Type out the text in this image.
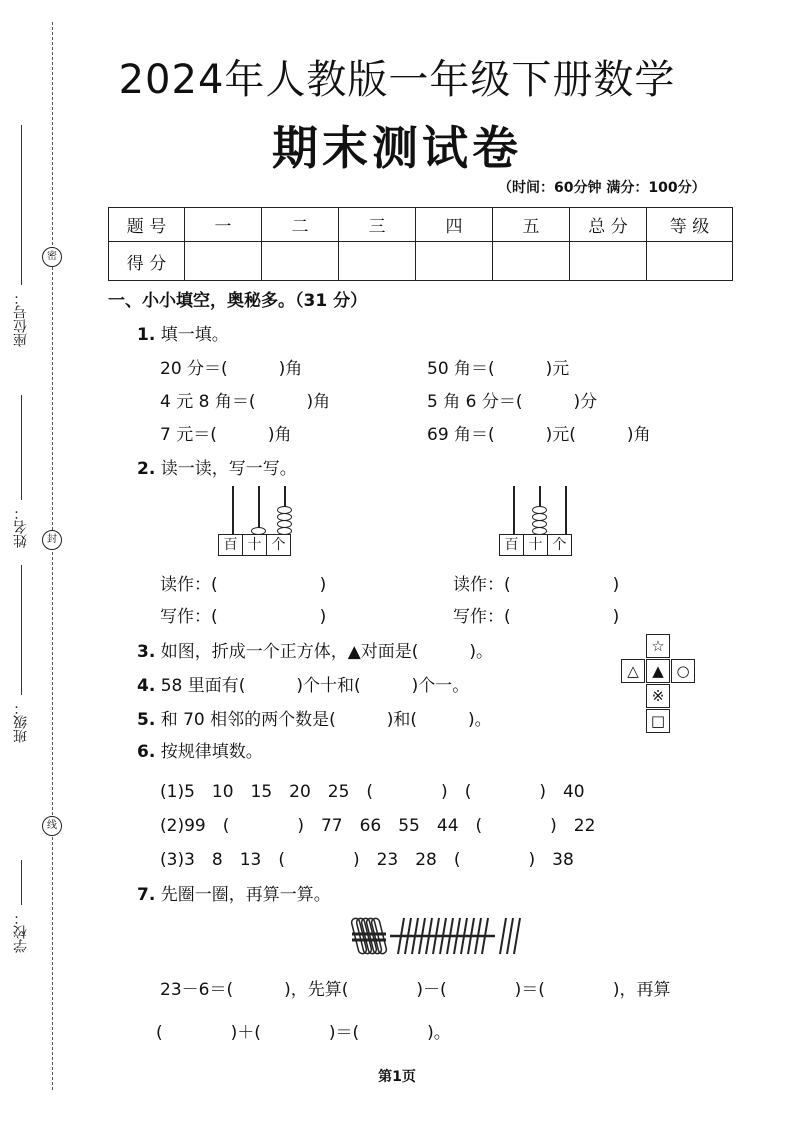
密
封
线
座位号：
姓名：
班级：
学校：
2024年人教版一年级下册数学
期末测试卷
（时间：60分钟 满分：100分）
题 号	一	二	三	四	五	总 分	等 级
得 分							
一、小小填空，奥秘多。（31 分）
1. 填一填。
20 分＝(　　　)角	50 角＝(　　　)元
4 元 8 角＝(　　　)角	5 角 6 分＝(　　　)分
7 元＝(　　　)角	69 角＝(　　　)元(　　　)角
2. 读一读，写一写。
百 十 个	百 十 个
读作：(　　　　　　)	读作：(　　　　　　)
写作：(　　　　　　)	写作：(　　　　　　)
3. 如图，折成一个正方体，▲对面是(　　　)。	☆
△ ▲ ○
※
□
4. 58 里面有(　　　)个十和(　　　)个一。
5. 和 70 相邻的两个数是(　　　)和(　　　)。
6. 按规律填数。
(1)5　10　15　20　25　(　　　　)　(　　　　)　40
(2)99　(　　　　)　77　66　55　44　(　　　　)　22
(3)3　8　13　(　　　　)　23　28　(　　　　)　38
7. 先圈一圈，再算一算。
23－6＝(　　　)，先算(　　　　)－(　　　　)＝(　　　　)，再算
(　　　　)＋(　　　　)＝(　　　　)。
第1页
